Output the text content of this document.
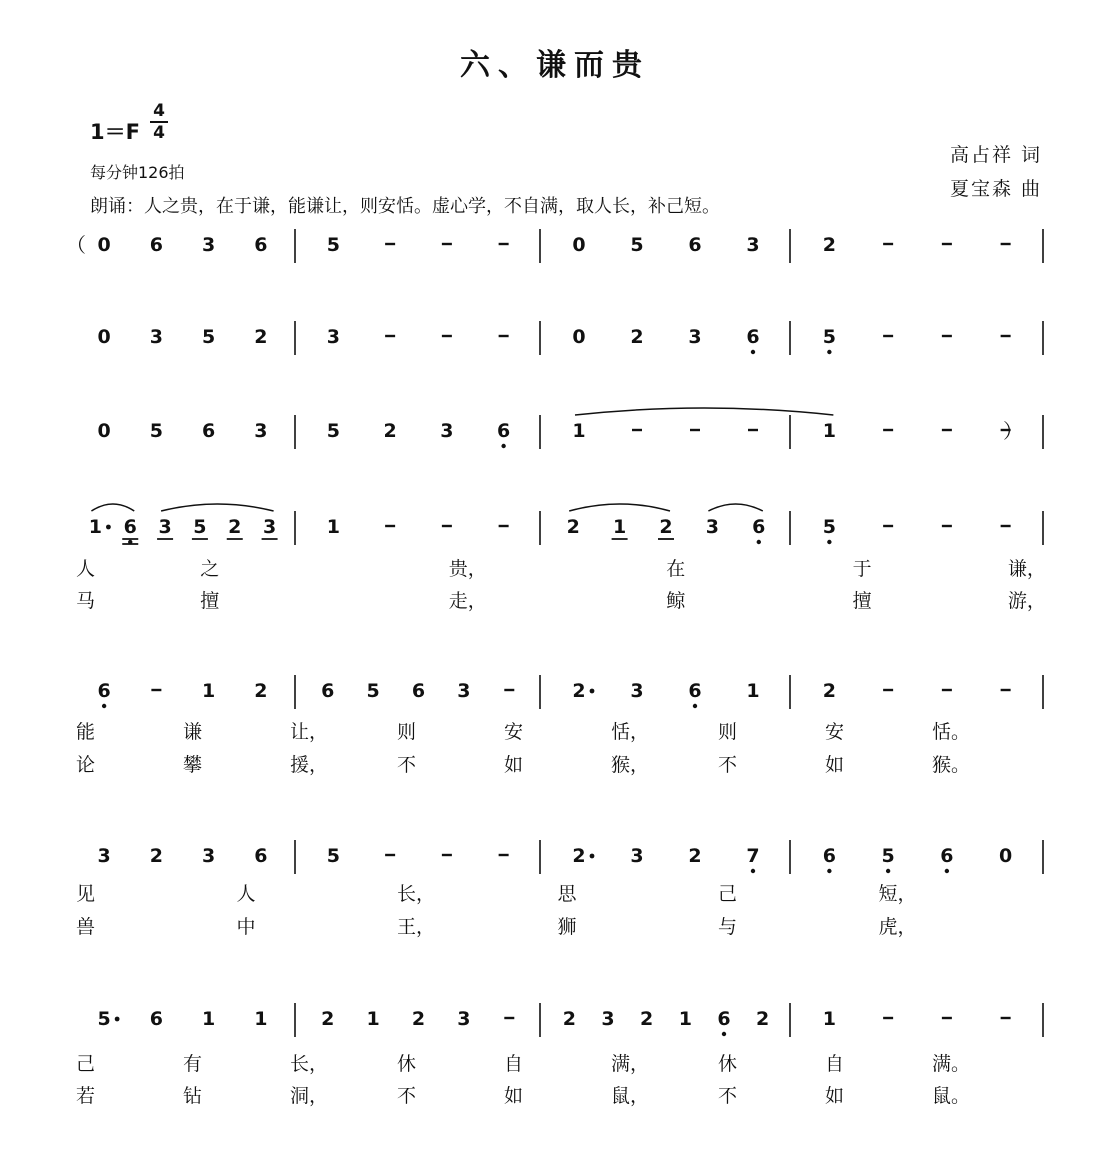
六、谦而贵
1＝F
4
4
每分钟126拍
朗诵：人之贵，在于谦，能谦让，则安恬。虚心学，不自满，取人长，补己短。
高占祥 词
夏宝森 曲
（ 0 6 3 6	5	0 5 6 3	2
0 3 5 2	3	0 2 3 6	5
0 5 6 3	5 2 3 6	1	1	）
1 6 3 5 2 3	1	2 1 2 3 6	5
人	之	贵，	在	于	谦，
马	擅	走，	鲸	擅	游，
6	1 2	6 5 6 3	2 3 6 1	2
能	谦	让，	则	安	恬，	则	安	恬。
论	攀	援，	不	如	猴，	不	如	猴。
3 2 3 6	5	2 3 2 7	6 5 6 0
见	人	长，	思	己	短，
兽	中	王，	狮	与	虎，
5 6 1 1	2 1 2 3	2 3 2 1 6 2	1
己	有	长，	休	自	满，	休	自	满。
若	钻	洞，	不	如	鼠，	不	如	鼠。
